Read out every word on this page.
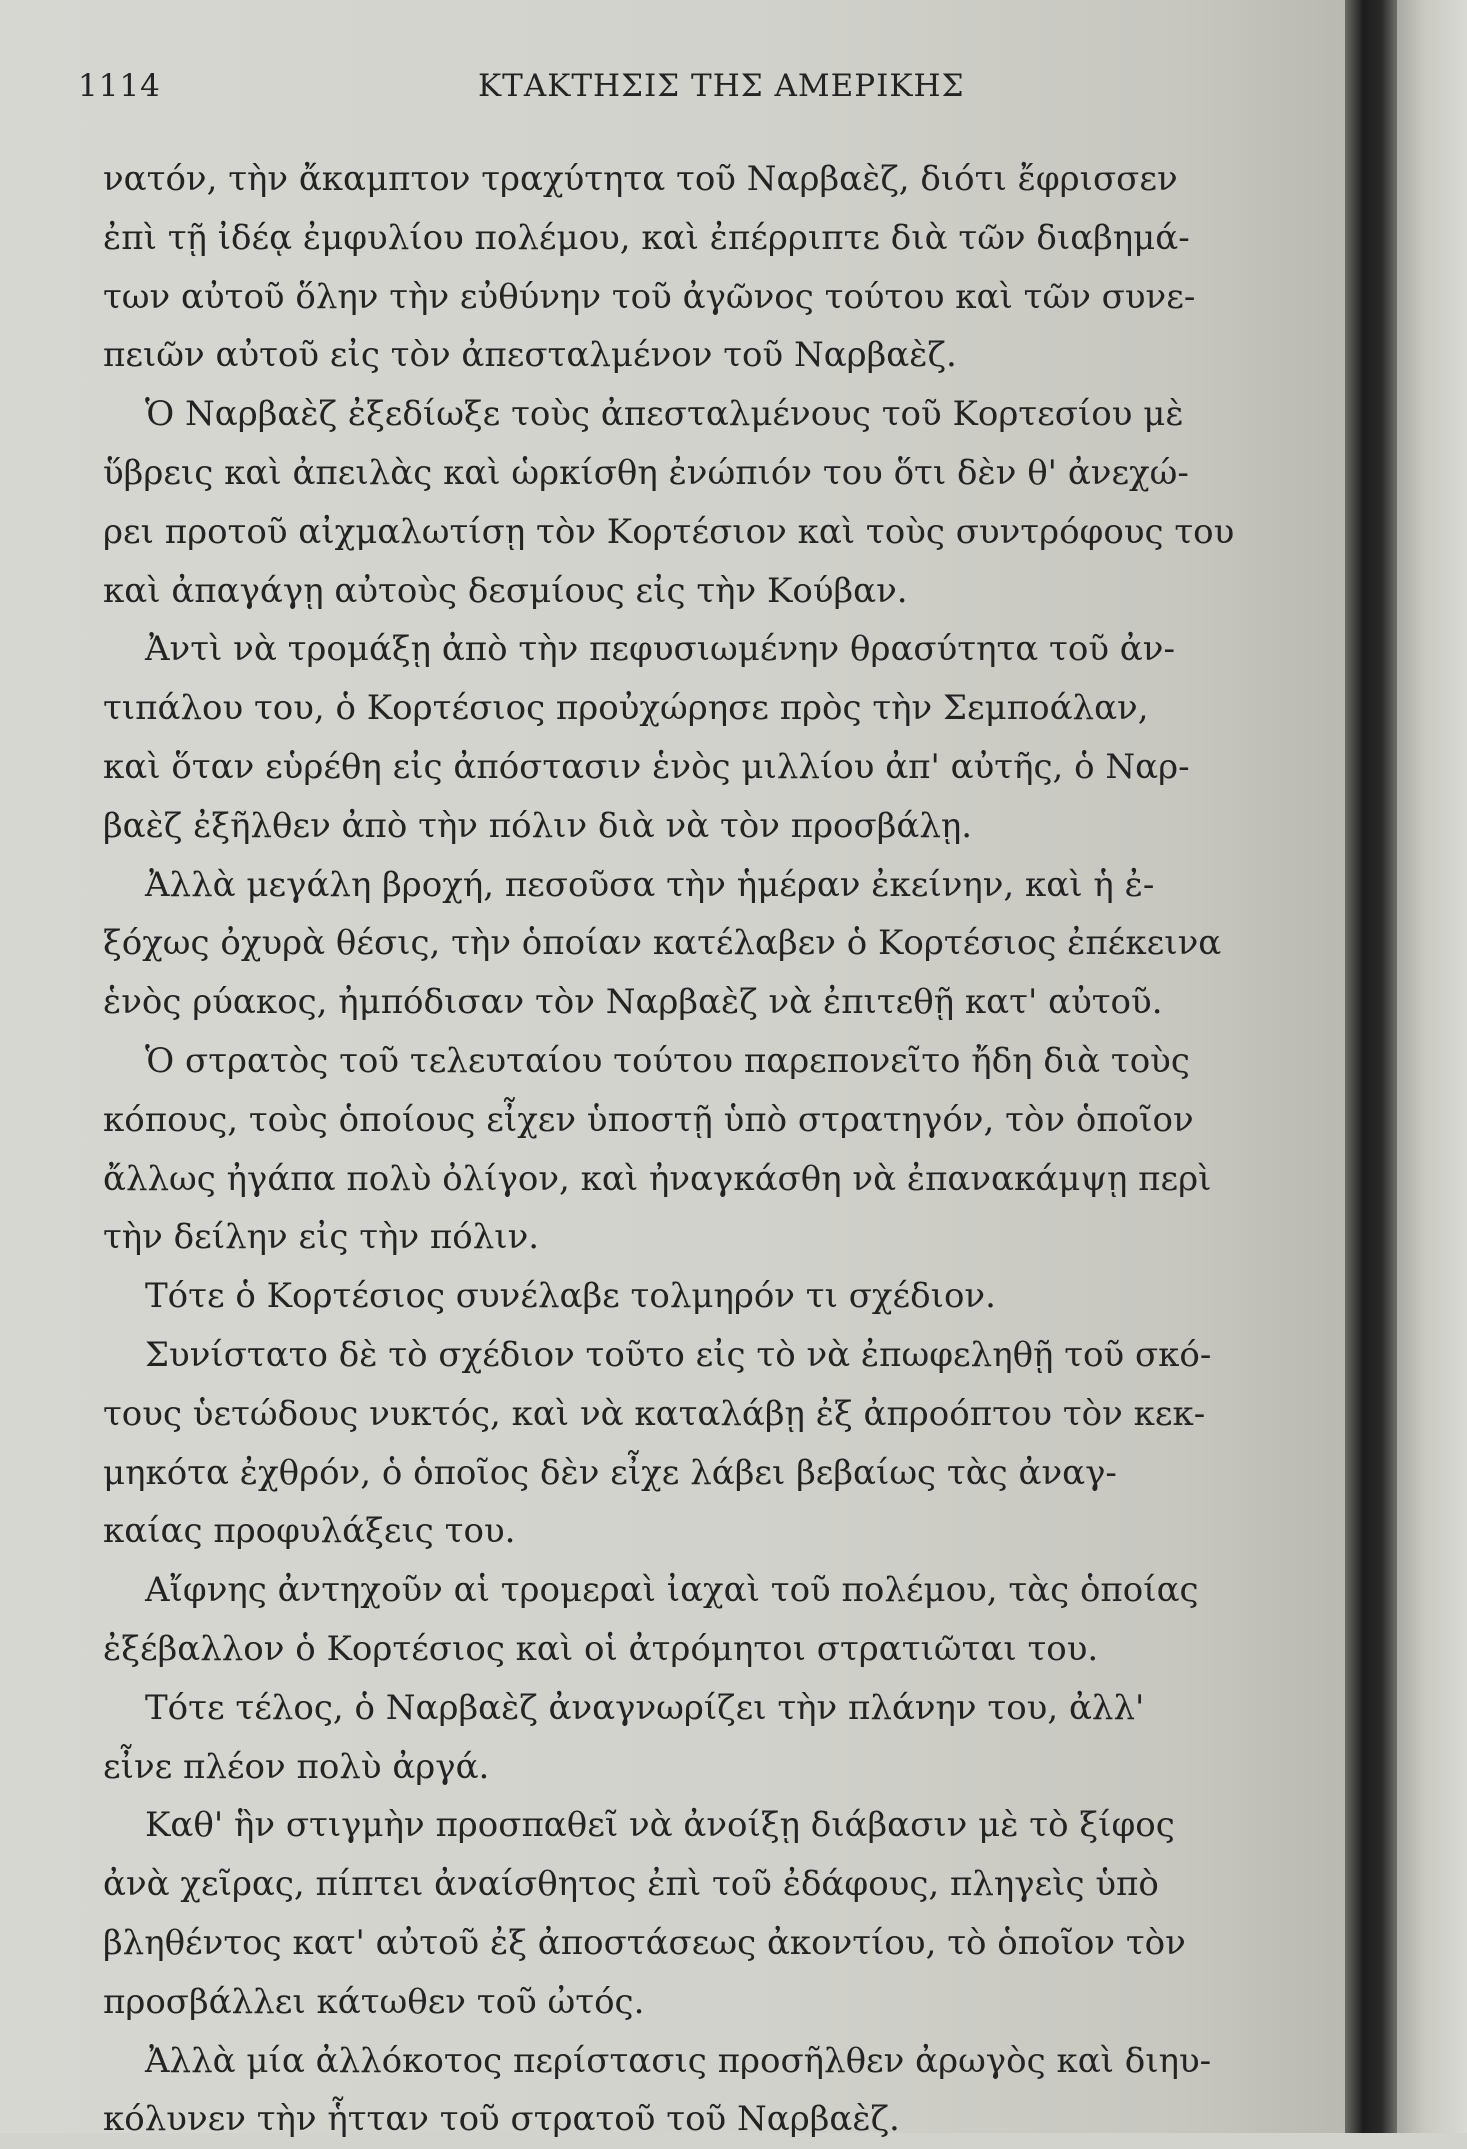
1114	ΚΤΑΚΤΗΣΙΣ ΤΗΣ ΑΜΕΡΙΚΗΣ
νατόν, τὴν ἄκαμπτον τραχύτητα τοῦ Ναρβαὲζ, διότι ἔφρισσεν
ἐπὶ τῇ ἰδέᾳ ἐμφυλίου πολέμου, καὶ ἐπέρριπτε διὰ τῶν διαβημά-
των αὐτοῦ ὅλην τὴν εὐθύνην τοῦ ἀγῶνος τούτου καὶ τῶν συνε-
πειῶν αὐτοῦ εἰς τὸν ἀπεσταλμένον τοῦ Ναρβαὲζ.
Ὁ Ναρβαὲζ ἐξεδίωξε τοὺς ἀπεσταλμένους τοῦ Κορτεσίου μὲ
ὕβρεις καὶ ἀπειλὰς καὶ ὡρκίσθη ἐνώπιόν του ὅτι δὲν θ' ἀνεχώ-
ρει προτοῦ αἰχμαλωτίσῃ τὸν Κορτέσιον καὶ τοὺς συντρόφους του
καὶ ἀπαγάγῃ αὐτοὺς δεσμίους εἰς τὴν Κούβαν.
Ἀντὶ νὰ τρομάξῃ ἀπὸ τὴν πεφυσιωμένην θρασύτητα τοῦ ἀν-
τιπάλου του, ὁ Κορτέσιος προὐχώρησε πρὸς τὴν Σεμποάλαν,
καὶ ὅταν εὑρέθη εἰς ἀπόστασιν ἑνὸς μιλλίου ἀπ' αὐτῆς, ὁ Ναρ-
βαὲζ ἐξῆλθεν ἀπὸ τὴν πόλιν διὰ νὰ τὸν προσβάλῃ.
Ἀλλὰ μεγάλη βροχή, πεσοῦσα τὴν ἡμέραν ἐκείνην, καὶ ἡ ἐ-
ξόχως ὀχυρὰ θέσις, τὴν ὁποίαν κατέλαβεν ὁ Κορτέσιος ἐπέκεινα
ἑνὸς ρύακος, ἠμπόδισαν τὸν Ναρβαὲζ νὰ ἐπιτεθῇ κατ' αὐτοῦ.
Ὁ στρατὸς τοῦ τελευταίου τούτου παρεπονεῖτο ἤδη διὰ τοὺς
κόπους, τοὺς ὁποίους εἶχεν ὑποστῇ ὑπὸ στρατηγόν, τὸν ὁποῖον
ἄλλως ἠγάπα πολὺ ὀλίγον, καὶ ἠναγκάσθη νὰ ἐπανακάμψῃ περὶ
τὴν δείλην εἰς τὴν πόλιν.
Τότε ὁ Κορτέσιος συνέλαβε τολμηρόν τι σχέδιον.
Συνίστατο δὲ τὸ σχέδιον τοῦτο εἰς τὸ νὰ ἐπωφεληθῇ τοῦ σκό-
τους ὑετώδους νυκτός, καὶ νὰ καταλάβῃ ἐξ ἀπροόπτου τὸν κεκ-
μηκότα ἐχθρόν, ὁ ὁποῖος δὲν εἶχε λάβει βεβαίως τὰς ἀναγ-
καίας προφυλάξεις του.
Αἴφνης ἀντηχοῦν αἱ τρομεραὶ ἰαχαὶ τοῦ πολέμου, τὰς ὁποίας
ἐξέβαλλον ὁ Κορτέσιος καὶ οἱ ἀτρόμητοι στρατιῶται του.
Τότε τέλος, ὁ Ναρβαὲζ ἀναγνωρίζει τὴν πλάνην του, ἀλλ'
εἶνε πλέον πολὺ ἀργά.
Καθ' ἣν στιγμὴν προσπαθεῖ νὰ ἀνοίξῃ διάβασιν μὲ τὸ ξίφος
ἀνὰ χεῖρας, πίπτει ἀναίσθητος ἐπὶ τοῦ ἐδάφους, πληγεὶς ὑπὸ
βληθέντος κατ' αὐτοῦ ἐξ ἀποστάσεως ἀκοντίου, τὸ ὁποῖον τὸν
προσβάλλει κάτωθεν τοῦ ὠτός.
Ἀλλὰ μία ἀλλόκοτος περίστασις προσῆλθεν ἀρωγὸς καὶ διηυ-
κόλυνεν τὴν ἧτταν τοῦ στρατοῦ τοῦ Ναρβαὲζ.
